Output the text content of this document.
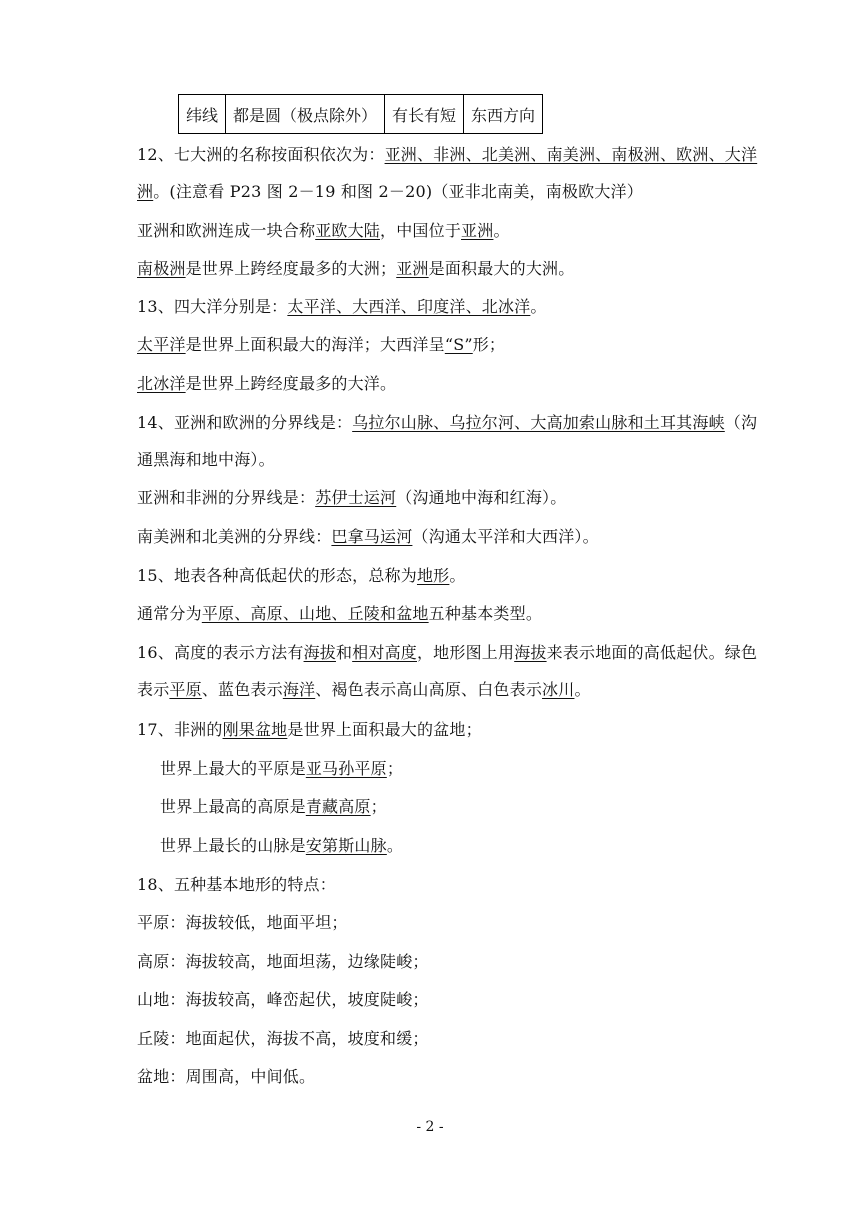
纬线	都是圆（极点除外）	有长有短	东西方向
12、七大洲的名称按面积依次为：亚洲、非洲、北美洲、南美洲、南极洲、欧洲、大洋
洲。(注意看 P23 图 2－19 和图 2－20)（亚非北南美，南极欧大洋）
亚洲和欧洲连成一块合称亚欧大陆，中国位于亚洲。
南极洲是世界上跨经度最多的大洲；亚洲是面积最大的大洲。
13、四大洋分别是：太平洋、大西洋、印度洋、北冰洋。
太平洋是世界上面积最大的海洋；大西洋呈“S”形；
北冰洋是世界上跨经度最多的大洋。
14、亚洲和欧洲的分界线是：乌拉尔山脉、乌拉尔河、大高加索山脉和土耳其海峡（沟
通黑海和地中海）。
亚洲和非洲的分界线是：苏伊士运河（沟通地中海和红海）。
南美洲和北美洲的分界线：巴拿马运河（沟通太平洋和大西洋）。
15、地表各种高低起伏的形态，总称为地形。
通常分为平原、高原、山地、丘陵和盆地五种基本类型。
16、高度的表示方法有海拔和相对高度，地形图上用海拔来表示地面的高低起伏。绿色
表示平原、蓝色表示海洋、褐色表示高山高原、白色表示冰川。
17、非洲的刚果盆地是世界上面积最大的盆地；
世界上最大的平原是亚马孙平原；
世界上最高的高原是青藏高原；
世界上最长的山脉是安第斯山脉。
18、五种基本地形的特点：
平原：海拔较低，地面平坦；
高原：海拔较高，地面坦荡，边缘陡峻；
山地：海拔较高，峰峦起伏，坡度陡峻；
丘陵：地面起伏，海拔不高，坡度和缓；
盆地：周围高，中间低。
- 2 -
